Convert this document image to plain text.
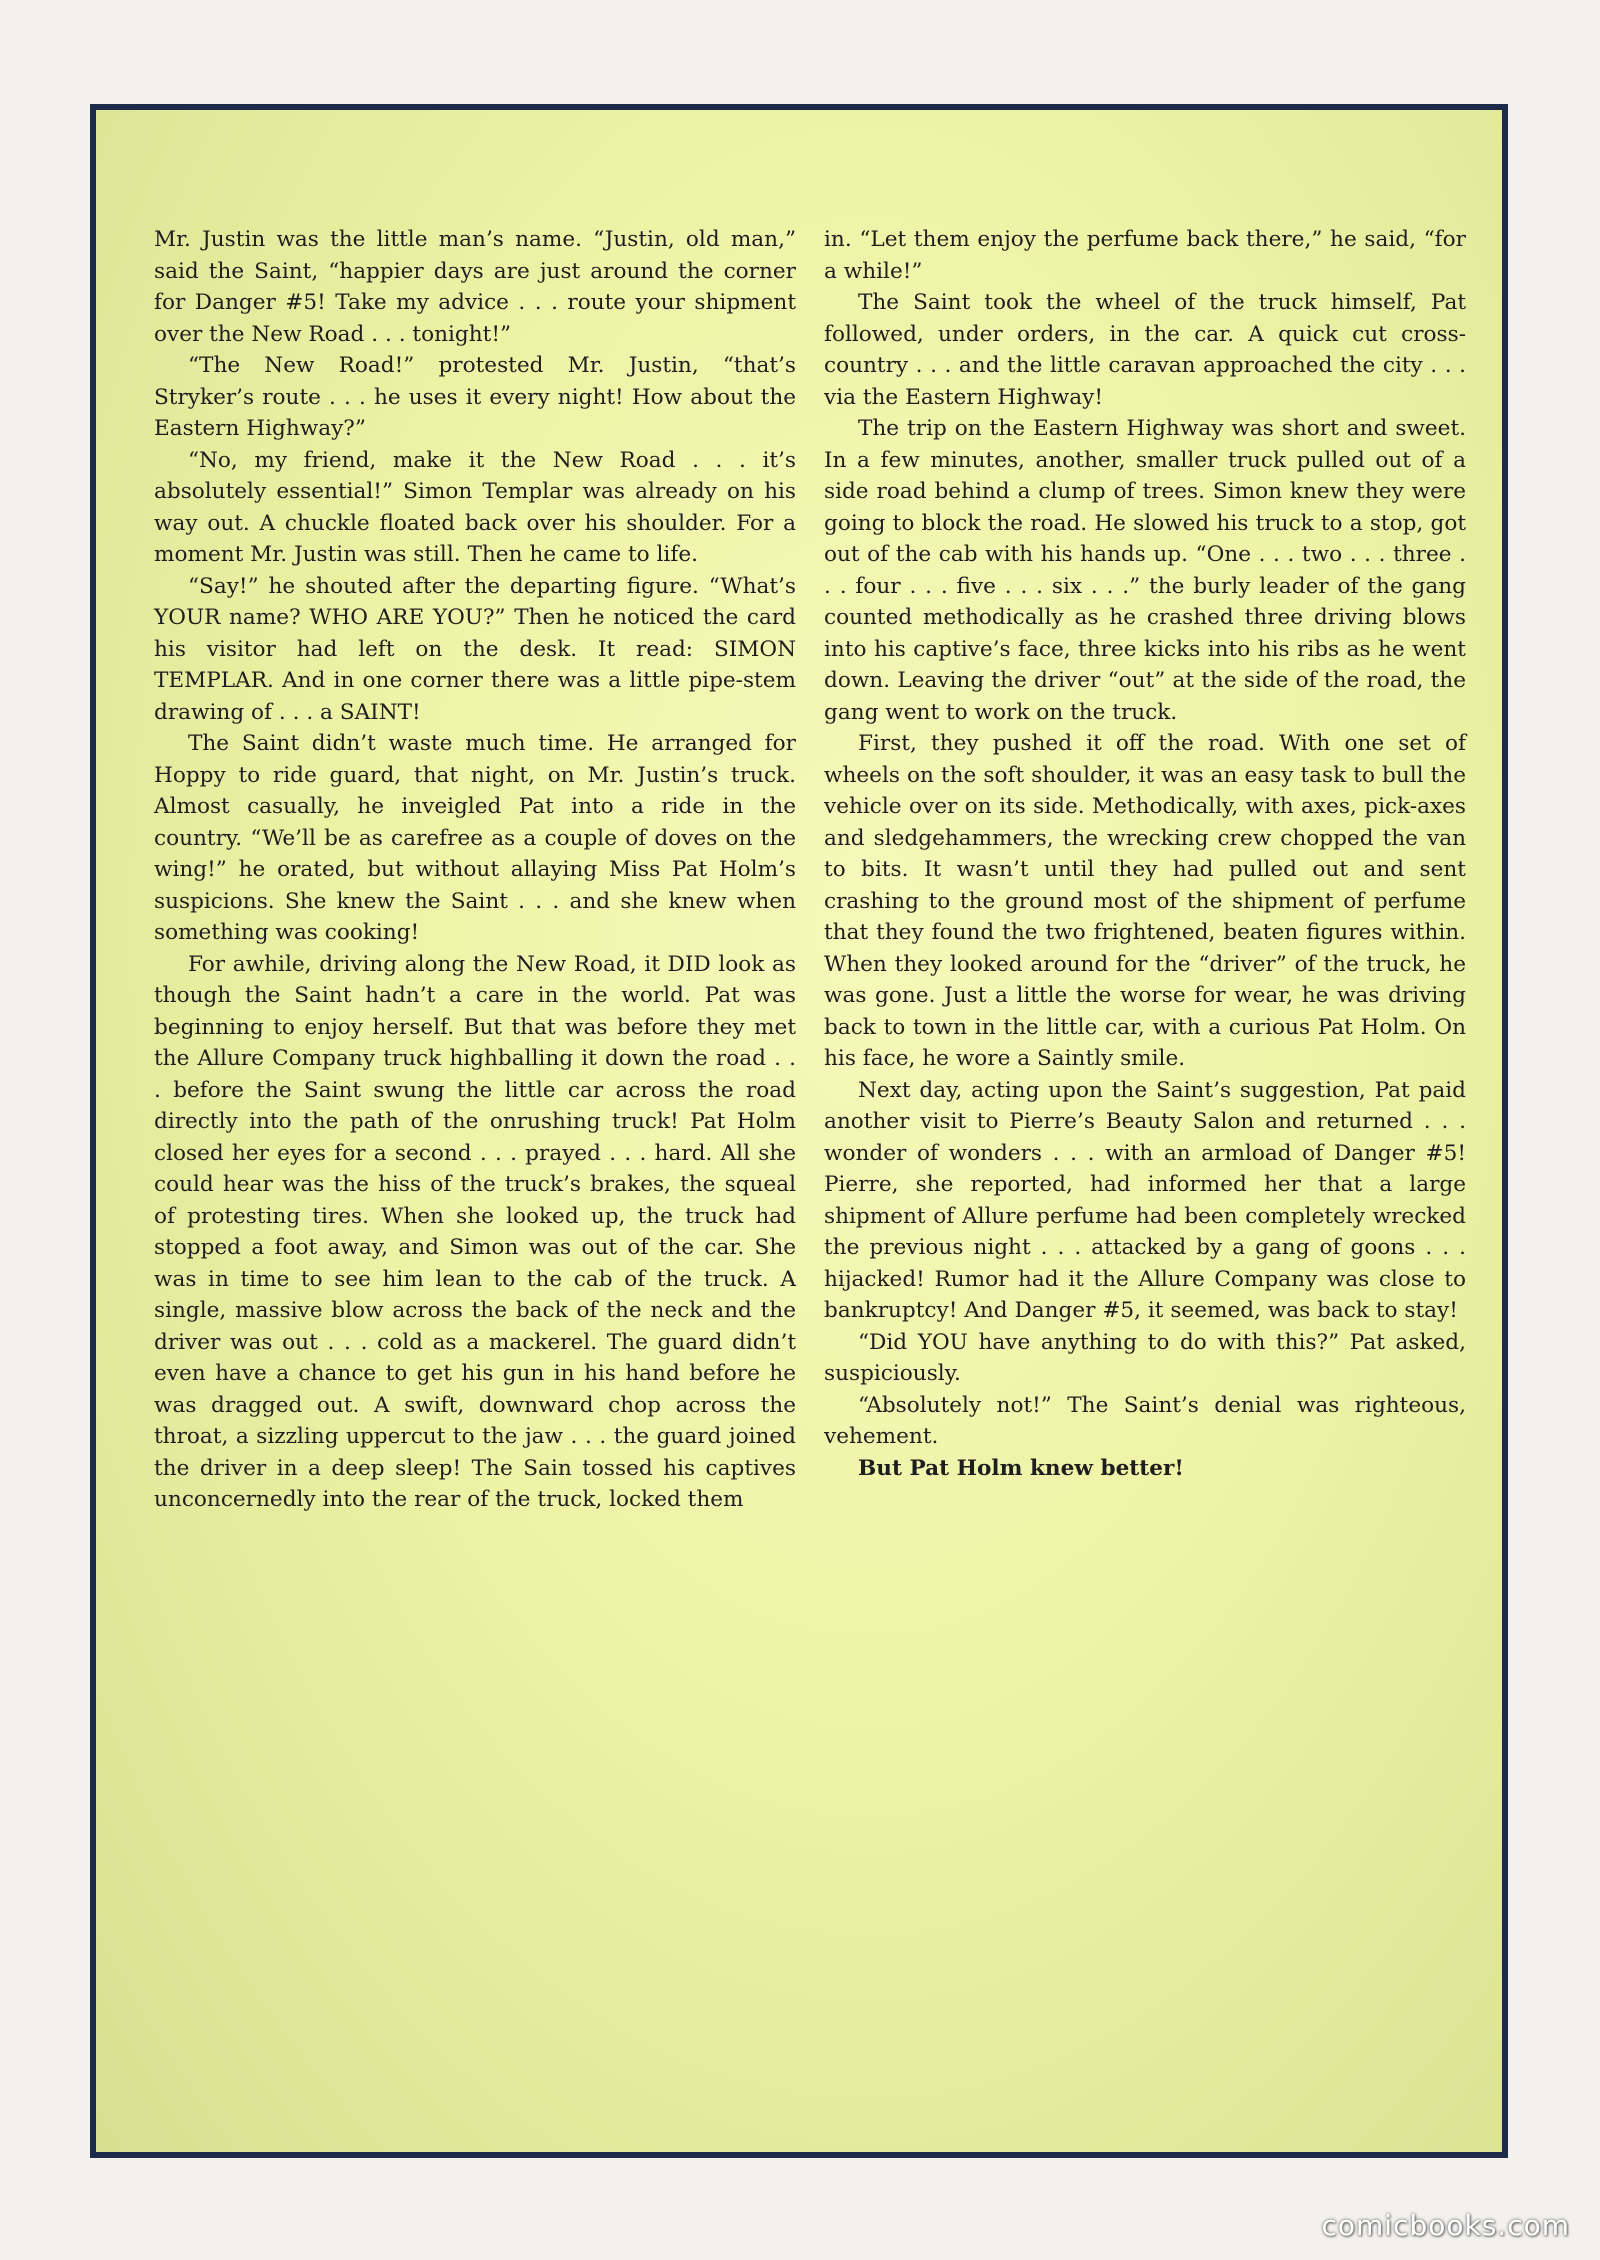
Mr. Justin was the little man’s name. “Justin, old man,” said the Saint, “happier days are just around the corner for Danger #5! Take my advice . . . route your shipment over the New Road . . . tonight!”

“The New Road!” protested Mr. Justin, “that’s Stryker’s route . . . he uses it every night! How about the Eastern Highway?”

“No, my friend, make it the New Road . . . it’s absolutely essential!” Simon Templar was already on his way out. A chuckle floated back over his shoulder. For a moment Mr. Justin was still. Then he came to life.

“Say!” he shouted after the departing figure. “What’s YOUR name? WHO ARE YOU?” Then he noticed the card his visitor had left on the desk. It read: SIMON TEMPLAR. And in one corner there was a little pipe-stem drawing of . . . a SAINT!

The Saint didn’t waste much time. He arranged for Hoppy to ride guard, that night, on Mr. Justin’s truck. Almost casually, he inveigled Pat into a ride in the country. “We’ll be as carefree as a couple of doves on the wing!” he orated, but without allaying Miss Pat Holm’s suspicions. She knew the Saint . . . and she knew when something was cooking!

For awhile, driving along the New Road, it DID look as though the Saint hadn’t a care in the world. Pat was beginning to enjoy herself. But that was before they met the Allure Company truck highballing it down the road . . . before the Saint swung the little car across the road directly into the path of the onrushing truck! Pat Holm closed her eyes for a second . . . prayed . . . hard. All she could hear was the hiss of the truck’s brakes, the squeal of protesting tires. When she looked up, the truck had stopped a foot away, and Simon was out of the car. She was in time to see him lean to the cab of the truck. A single, massive blow across the back of the neck and the driver was out . . . cold as a mackerel. The guard didn’t even have a chance to get his gun in his hand before he was dragged out. A swift, downward chop across the throat, a sizzling uppercut to the jaw . . . the guard joined the driver in a deep sleep! The Sain tossed his captives unconcernedly into the rear of the truck, locked them

in. “Let them enjoy the perfume back there,” he said, “for a while!”

The Saint took the wheel of the truck himself, Pat followed, under orders, in the car. A quick cut cross-country . . . and the little caravan approached the city . . . via the Eastern Highway!

The trip on the Eastern Highway was short and sweet. In a few minutes, another, smaller truck pulled out of a side road behind a clump of trees. Simon knew they were going to block the road. He slowed his truck to a stop, got out of the cab with his hands up. “One . . . two . . . three . . . four . . . five . . . six . . .” the burly leader of the gang counted methodically as he crashed three driving blows into his captive’s face, three kicks into his ribs as he went down. Leaving the driver “out” at the side of the road, the gang went to work on the truck.

First, they pushed it off the road. With one set of wheels on the soft shoulder, it was an easy task to bull the vehicle over on its side. Methodically, with axes, pick-axes and sledgehammers, the wrecking crew chopped the van to bits. It wasn’t until they had pulled out and sent crashing to the ground most of the shipment of perfume that they found the two frightened, beaten figures within. When they looked around for the “driver” of the truck, he was gone. Just a little the worse for wear, he was driving back to town in the little car, with a curious Pat Holm. On his face, he wore a Saintly smile.

Next day, acting upon the Saint’s suggestion, Pat paid another visit to Pierre’s Beauty Salon and returned . . . wonder of wonders . . . with an armload of Danger #5! Pierre, she reported, had informed her that a large shipment of Allure perfume had been completely wrecked the previous night . . . attacked by a gang of goons . . . hijacked! Rumor had it the Allure Company was close to bankruptcy! And Danger #5, it seemed, was back to stay!

“Did YOU have anything to do with this?” Pat asked, suspiciously.

“Absolutely not!” The Saint’s denial was righteous, vehement.

But Pat Holm knew better!

comicbooks.com
